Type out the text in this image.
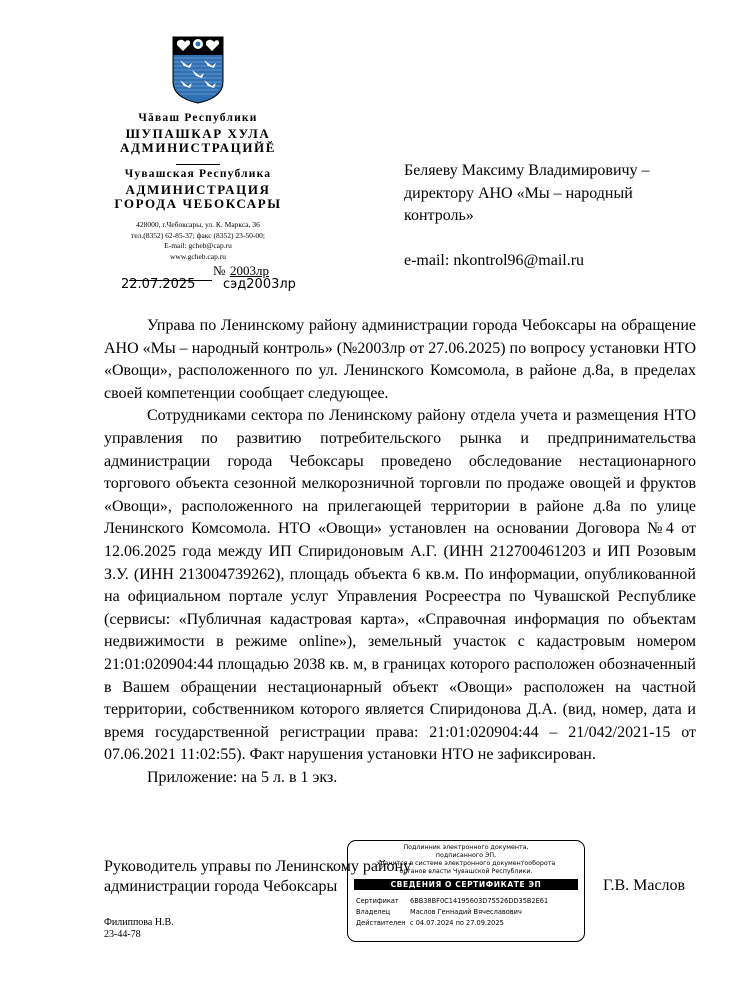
Чăваш Республики
ШУПАШКАР ХУЛА
АДМИНИСТРАЦИЙĔ
Чувашская Республика
АДМИНИСТРАЦИЯ
ГОРОДА ЧЕБОКСАРЫ
428000, г.Чебоксары, ул. К. Маркса, 36
тел.(8352) 62-85-37; факс (8352) 23-50-00;
E-mail: gcheb@cap.ru
www.gcheb.cap.ru
№ 2003лр
22.07.2025 сэд2003лр
Беляеву Максиму Владимировичу –
директору АНО «Мы – народный
контроль»
e-mail: nkontrol96@mail.ru

Управа по Ленинскому району администрации города Чебоксары на обращение АНО «Мы – народный контроль» (№2003лр от 27.06.2025) по вопросу установки НТО «Овощи», расположенного по ул. Ленинского Комсомола, в районе д.8а, в пределах своей компетенции сообщает следующее.

Сотрудниками сектора по Ленинскому району отдела учета и размещения НТО управления по развитию потребительского рынка и предпринимательства администрации города Чебоксары проведено обследование нестационарного торгового объекта сезонной мелкорозничной торговли по продаже овощей и фруктов «Овощи», расположенного на прилегающей территории в районе д.8а по улице Ленинского Комсомола. НТО «Овощи» установлен на основании Договора №4 от 12.06.2025 года между ИП Спиридоновым А.Г. (ИНН 212700461203 и ИП Розовым З.У. (ИНН 213004739262), площадь объекта 6 кв.м. По информации, опубликованной на официальном портале услуг Управления Росреестра по Чувашской Республике (сервисы: «Публичная кадастровая карта», «Справочная информация по объектам недвижимости в режиме online»), земельный участок с кадастровым номером 21:01:020904:44 площадью 2038 кв. м, в границах которого расположен обозначенный в Вашем обращении нестационарный объект «Овощи» расположен на частной территории, собственником которого является Спиридонова Д.А. (вид, номер, дата и время государственной регистрации права: 21:01:020904:44 – 21/042/2021-15 от 07.06.2021 11:02:55). Факт нарушения установки НТО не зафиксирован.

Приложение: на 5 л. в 1 экз.

Руководитель управы по Ленинскому району
администрации города Чебоксары	Г.В. Маслов
Подлинник электронного документа,
подписанного ЭП,
хранится в системе электронного документооборота
органов власти Чувашской Республики.
СВЕДЕНИЯ О СЕРТИФИКАТЕ ЭП
Сертификат	6BB38BF0C14195603D75526DD35B2E61
Владелец	Маслов Геннадий Вячеславович
Действителен с 04.07.2024 по 27.09.2025
Филиппова Н.В.
23-44-78
